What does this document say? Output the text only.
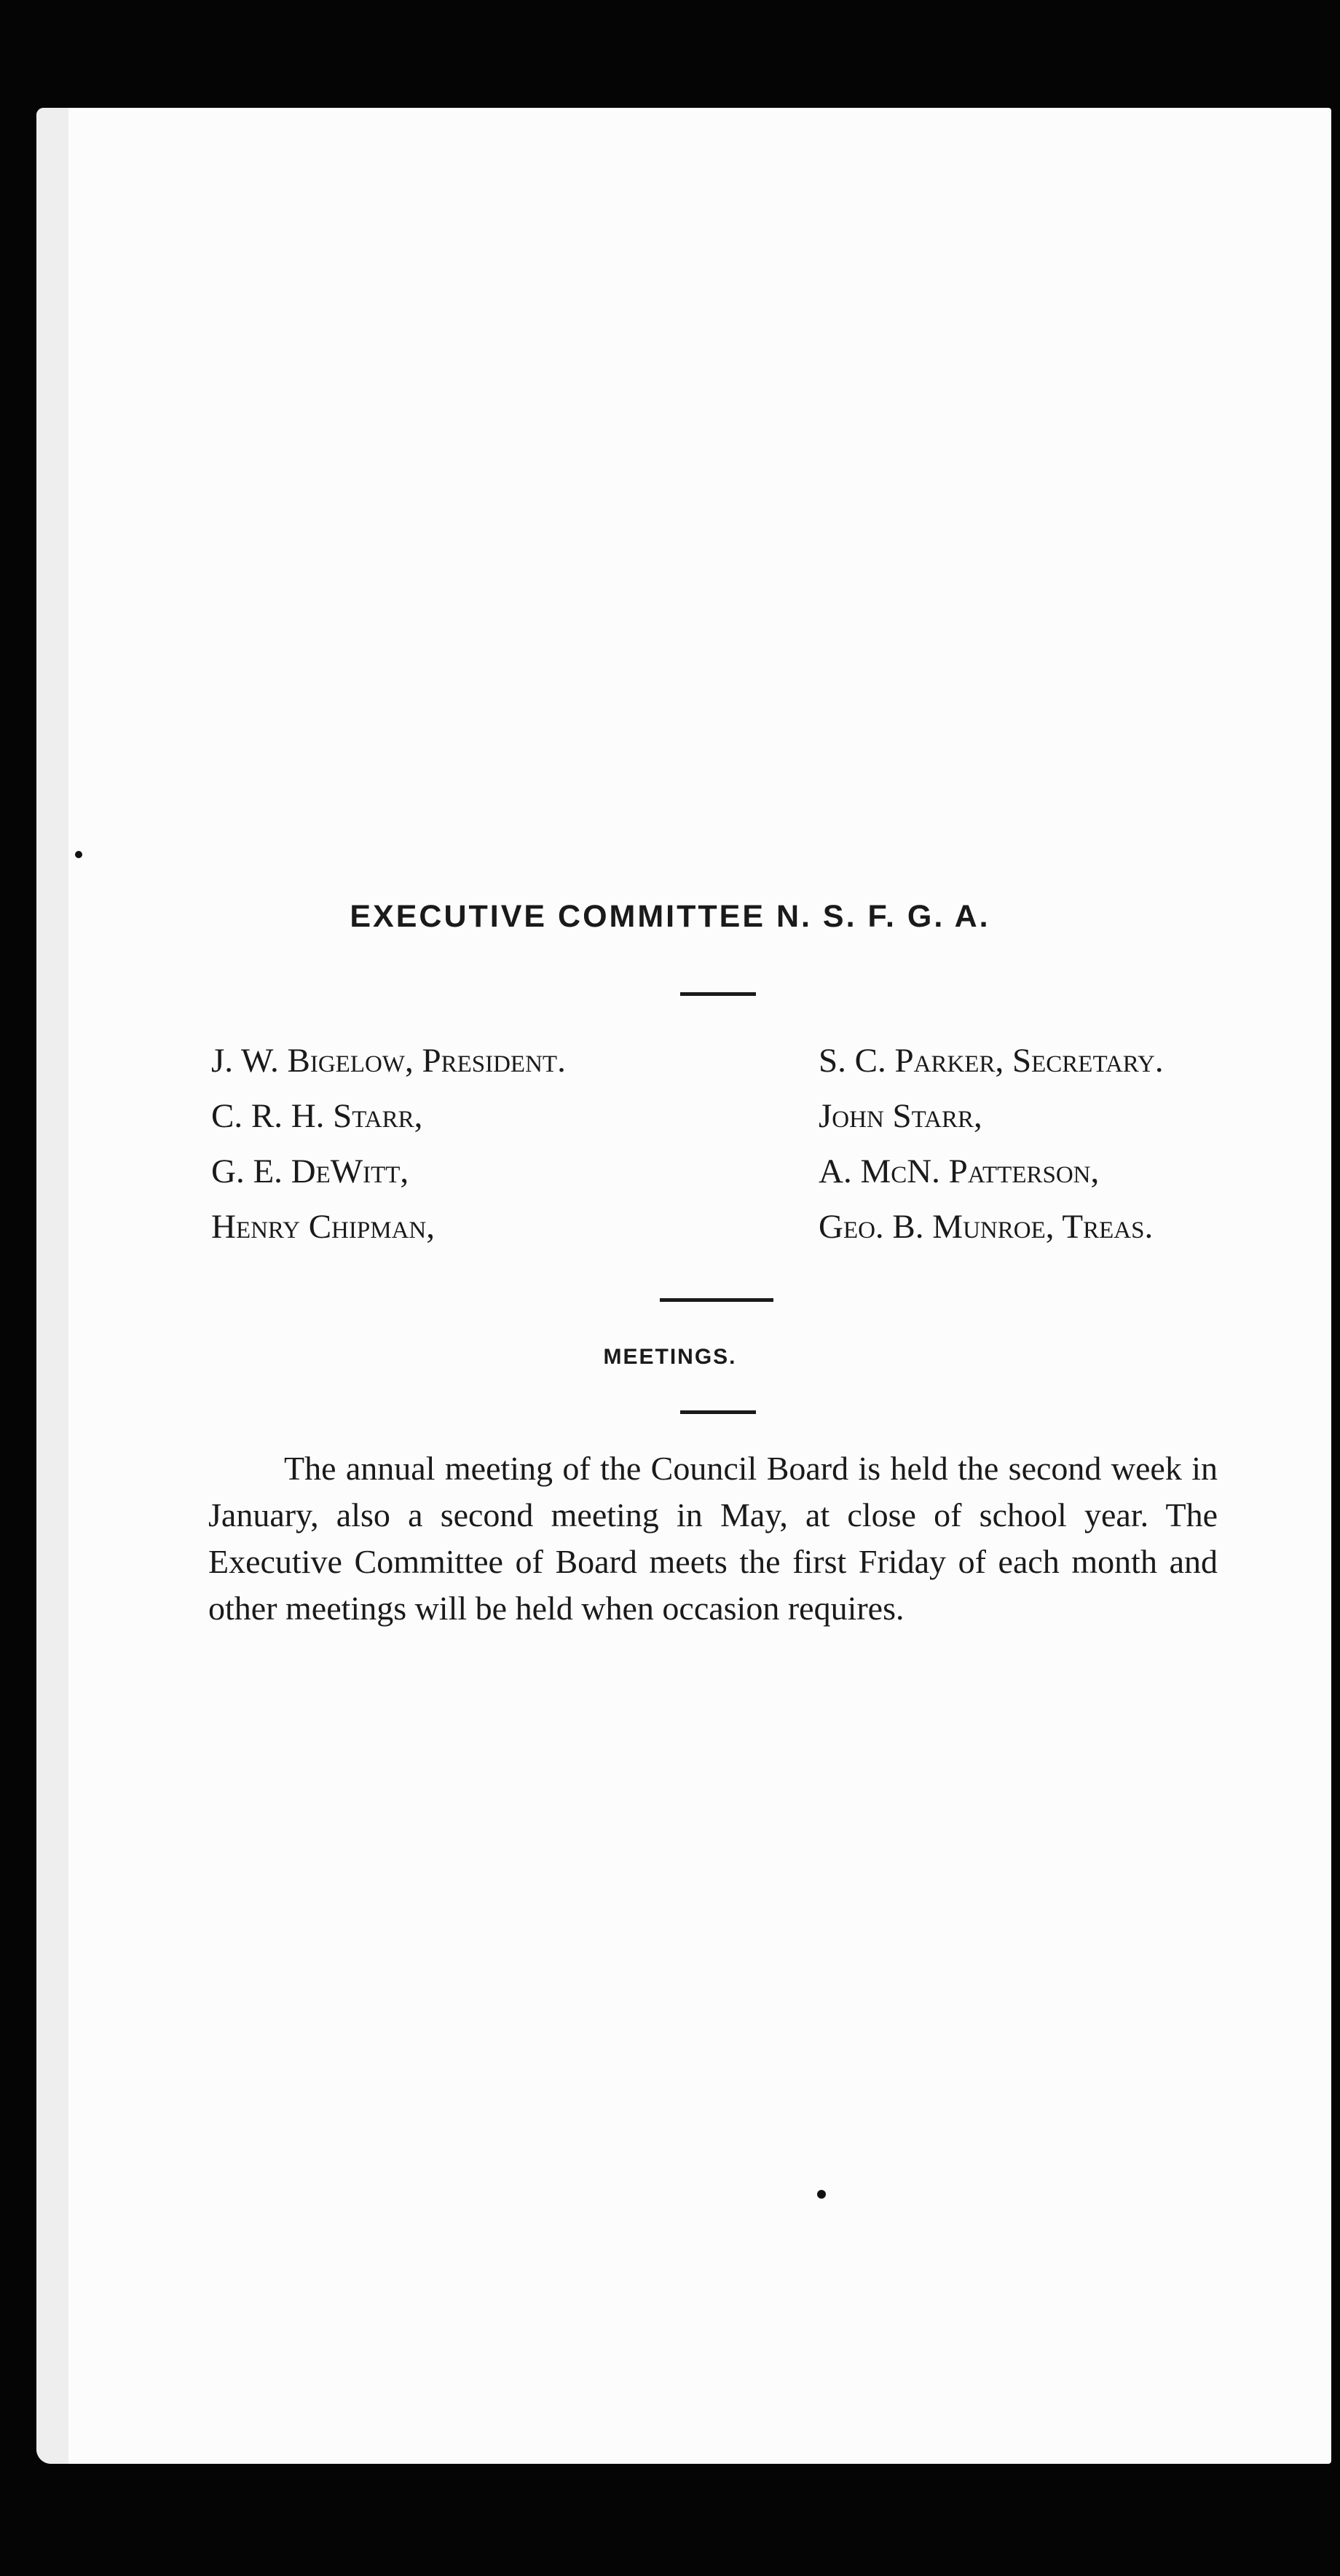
EXECUTIVE COMMITTEE N. S. F. G. A.
J. W. Bigelow, President.
C. R. H. Starr,
G. E. DeWitt,
Henry Chipman,
S. C. Parker, Secretary.
John Starr,
A. McN. Patterson,
Geo. B. Munroe, Treas.
MEETINGS.
The annual meeting of the Council Board is held the second week in January, also a second meeting in May, at close of school year. The Executive Committee of Board meets the first Friday of each month and other meetings will be held when occasion requires.
